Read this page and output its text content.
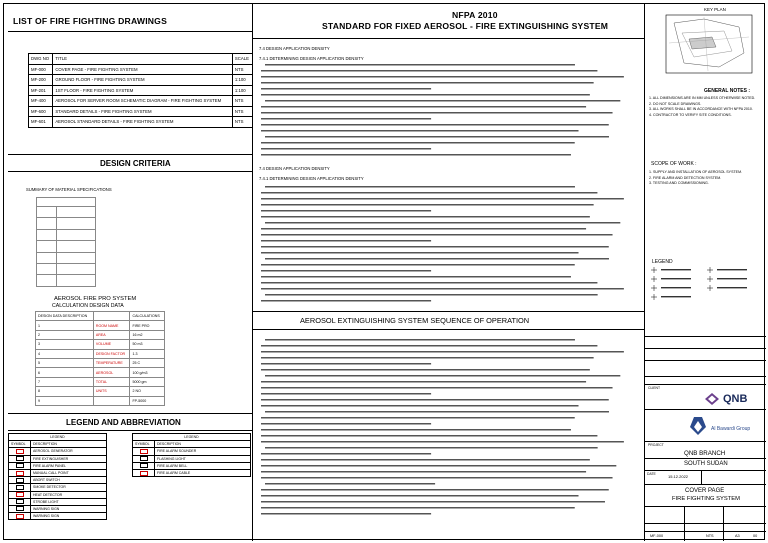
LIST OF FIRE FIGHTING DRAWINGS
DWG NO	TITLE	SCALE
MF-000	COVER PAGE - FIRE FIGHTING SYSTEM	NTS
MF-200	GROUND FLOOR - FIRE FIGHTING SYSTEM	1:100
MF-201	1ST FLOOR - FIRE FIGHTING SYSTEM	1:100
MF-400	AEROSOL FOR SERVER ROOM SCHEMATIC DIAGRAM - FIRE FIGHTING SYSTEM	NTS
MF-600	STANDARD DETAILS - FIRE FIGHTING SYSTEM	NTS
MF-601	AEROSOL STANDARD DETAILS - FIRE FIGHTING SYSTEM	NTS
DESIGN CRITERIA
SUMMARY OF MATERIAL SPECIFICATIONS

AEROSOL FIRE PRO SYSTEM
CALCULATION DESIGN DATA
DESIGN DATA DESCRIPTION		CALCULATIONS
1	ROOM NAME	FIRE PRO
2	AREA	16 m2
3	VOLUME	50 m3
4	DESIGN FACTOR	1.3
5	TEMPERATURE	25 C
6	AEROSOL	100 g/m3
7	TOTAL	5000 gm
8	UNITS	2 NO
9		FP-5000
LEGEND AND ABBREVIATION
LEGEND	
SYMBOL	DESCRIPTION
	AEROSOL GENERATOR
	FIRE EXTINGUISHER
	FIRE ALARM PANEL
	MANUAL CALL POINT
	ABORT SWITCH
	SMOKE DETECTOR
	HEAT DETECTOR
	STROBE LIGHT
	WARNING SIGN
	WARNING SIGN
LEGEND	
SYMBOL	DESCRIPTION
	FIRE ALARM SOUNDER
	FLASHING LIGHT
	FIRE ALARM BELL
	FIRE ALARM CABLE
NFPA 2010
STANDARD FOR FIXED AEROSOL - FIRE EXTINGUISHING SYSTEM
7.4 DESIGN APPLICATION DENSITY
7.4.1 DETERMINING DESIGN APPLICATION DENSITY
7.4 DESIGN APPLICATION DENSITY
7.4.1 DETERMINING DESIGN APPLICATION DENSITY
AEROSOL EXTINGUISHING SYSTEM SEQUENCE OF OPERATION
KEY PLAN
GENERAL NOTES :
1. ALL DIMENSIONS ARE IN MM UNLESS OTHERWISE NOTED.
2. DO NOT SCALE DRAWINGS.
3. ALL WORKS SHALL BE IN ACCORDANCE WITH NFPA 2010.
4. CONTRACTOR TO VERIFY SITE CONDITIONS.
SCOPE OF WORK :
1. SUPPLY AND INSTALLATION OF AEROSOL SYSTEM.
2. FIRE ALARM AND DETECTION SYSTEM.
3. TESTING AND COMMISSIONING.
LEGEND
CLIENT
QNB
Al Bawardi Group
PROJECT
QNB BRANCH
SOUTH SUDAN
DATE	15.12.2022
COVER PAGE
FIRE FIGHTING SYSTEM
MF-000	NTS	A3	00
